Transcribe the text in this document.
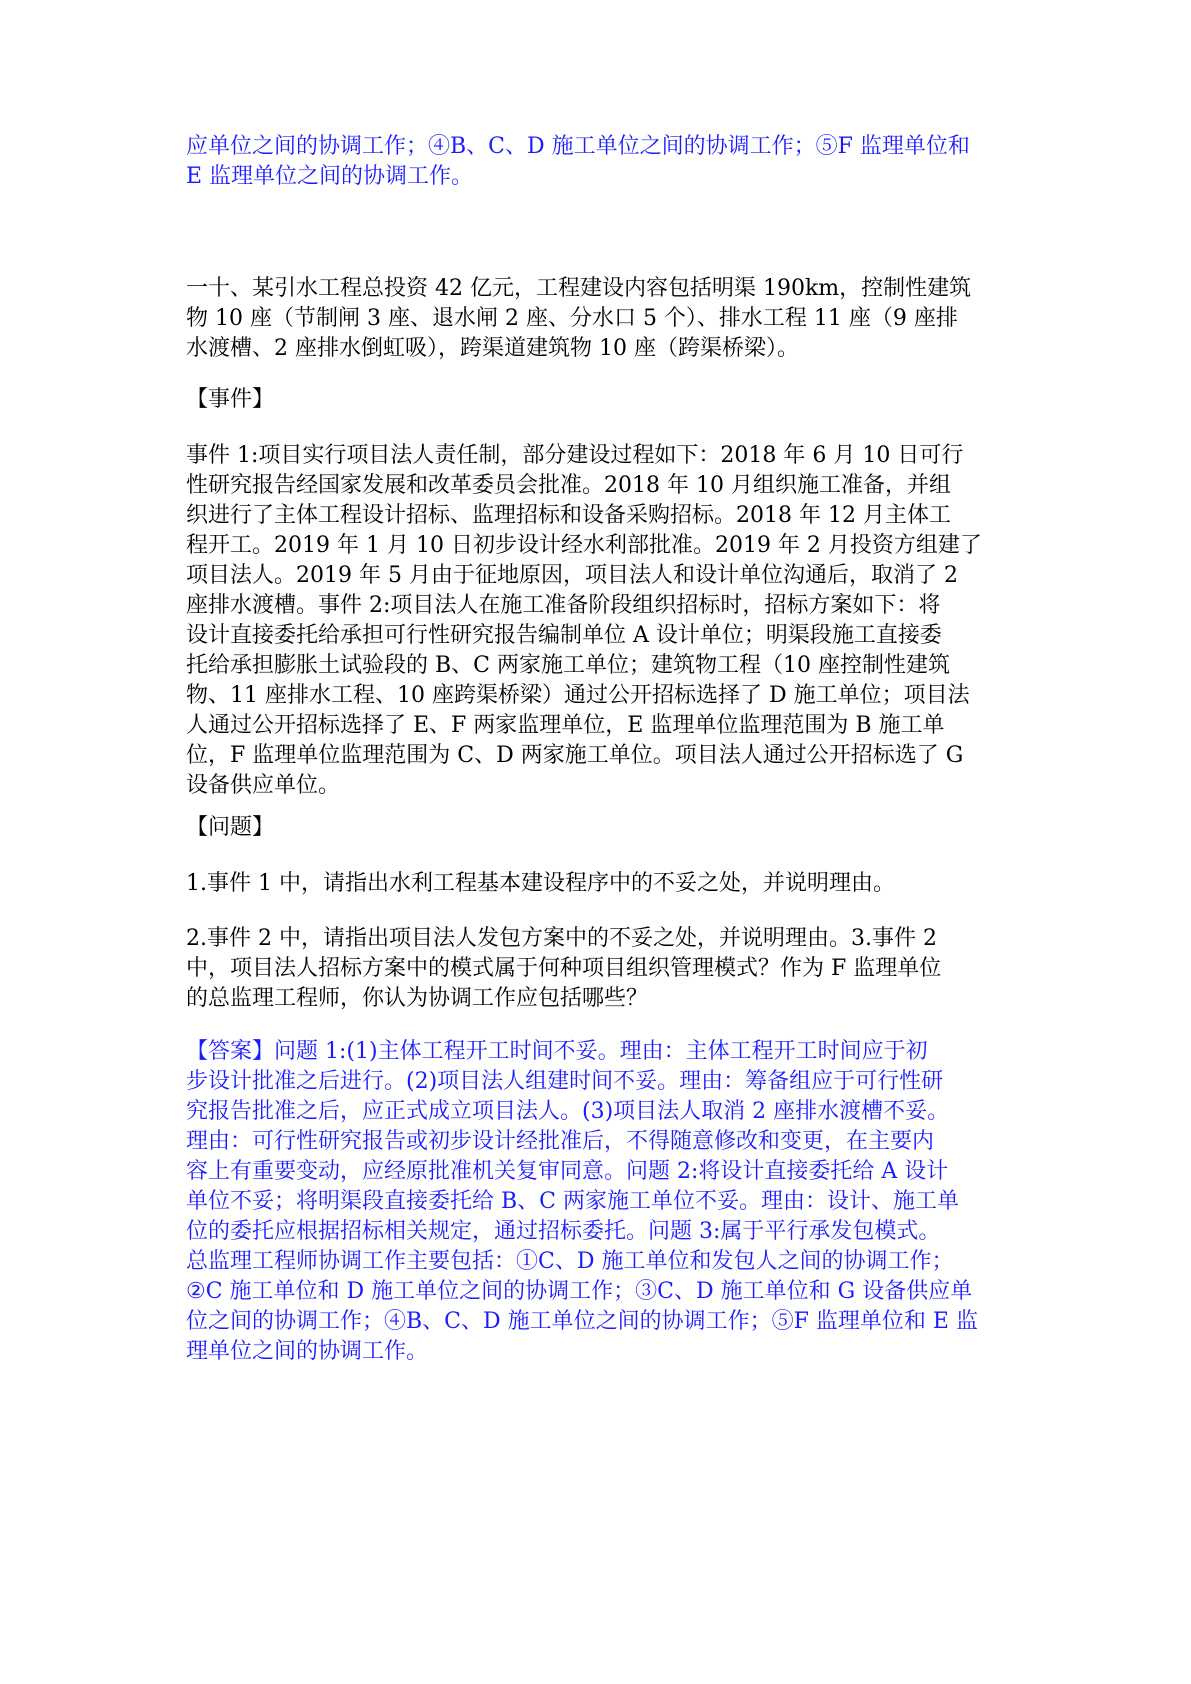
应单位之间的协调工作；④B、C、D 施工单位之间的协调工作；⑤F 监理单位和
E 监理单位之间的协调工作。
一十、某引水工程总投资 42 亿元，工程建设内容包括明渠 190km，控制性建筑
物 10 座（节制闸 3 座、退水闸 2 座、分水口 5 个）、排水工程 11 座（9 座排
水渡槽、2 座排水倒虹吸），跨渠道建筑物 10 座（跨渠桥梁）。
【事件】
事件 1:项目实行项目法人责任制，部分建设过程如下：2018 年 6 月 10 日可行
性研究报告经国家发展和改革委员会批准。2018 年 10 月组织施工准备，并组
织进行了主体工程设计招标、监理招标和设备采购招标。2018 年 12 月主体工
程开工。2019 年 1 月 10 日初步设计经水利部批准。2019 年 2 月投资方组建了
项目法人。2019 年 5 月由于征地原因，项目法人和设计单位沟通后，取消了 2
座排水渡槽。事件 2:项目法人在施工准备阶段组织招标时，招标方案如下：将
设计直接委托给承担可行性研究报告编制单位 A 设计单位；明渠段施工直接委
托给承担膨胀土试验段的 B、C 两家施工单位；建筑物工程（10 座控制性建筑
物、11 座排水工程、10 座跨渠桥梁）通过公开招标选择了 D 施工单位；项目法
人通过公开招标选择了 E、F 两家监理单位，E 监理单位监理范围为 B 施工单
位，F 监理单位监理范围为 C、D 两家施工单位。项目法人通过公开招标选了 G
设备供应单位。
【问题】
1.事件 1 中，请指出水利工程基本建设程序中的不妥之处，并说明理由。
2.事件 2 中，请指出项目法人发包方案中的不妥之处，并说明理由。3.事件 2
中，项目法人招标方案中的模式属于何种项目组织管理模式？作为 F 监理单位
的总监理工程师，你认为协调工作应包括哪些？
【答案】问题 1:(1)主体工程开工时间不妥。理由：主体工程开工时间应于初
步设计批准之后进行。(2)项目法人组建时间不妥。理由：筹备组应于可行性研
究报告批准之后，应正式成立项目法人。(3)项目法人取消 2 座排水渡槽不妥。
理由：可行性研究报告或初步设计经批准后，不得随意修改和变更，在主要内
容上有重要变动，应经原批准机关复审同意。问题 2:将设计直接委托给 A 设计
单位不妥；将明渠段直接委托给 B、C 两家施工单位不妥。理由：设计、施工单
位的委托应根据招标相关规定，通过招标委托。问题 3:属于平行承发包模式。
总监理工程师协调工作主要包括：①C、D 施工单位和发包人之间的协调工作；
②C 施工单位和 D 施工单位之间的协调工作；③C、D 施工单位和 G 设备供应单
位之间的协调工作；④B、C、D 施工单位之间的协调工作；⑤F 监理单位和 E 监
理单位之间的协调工作。
